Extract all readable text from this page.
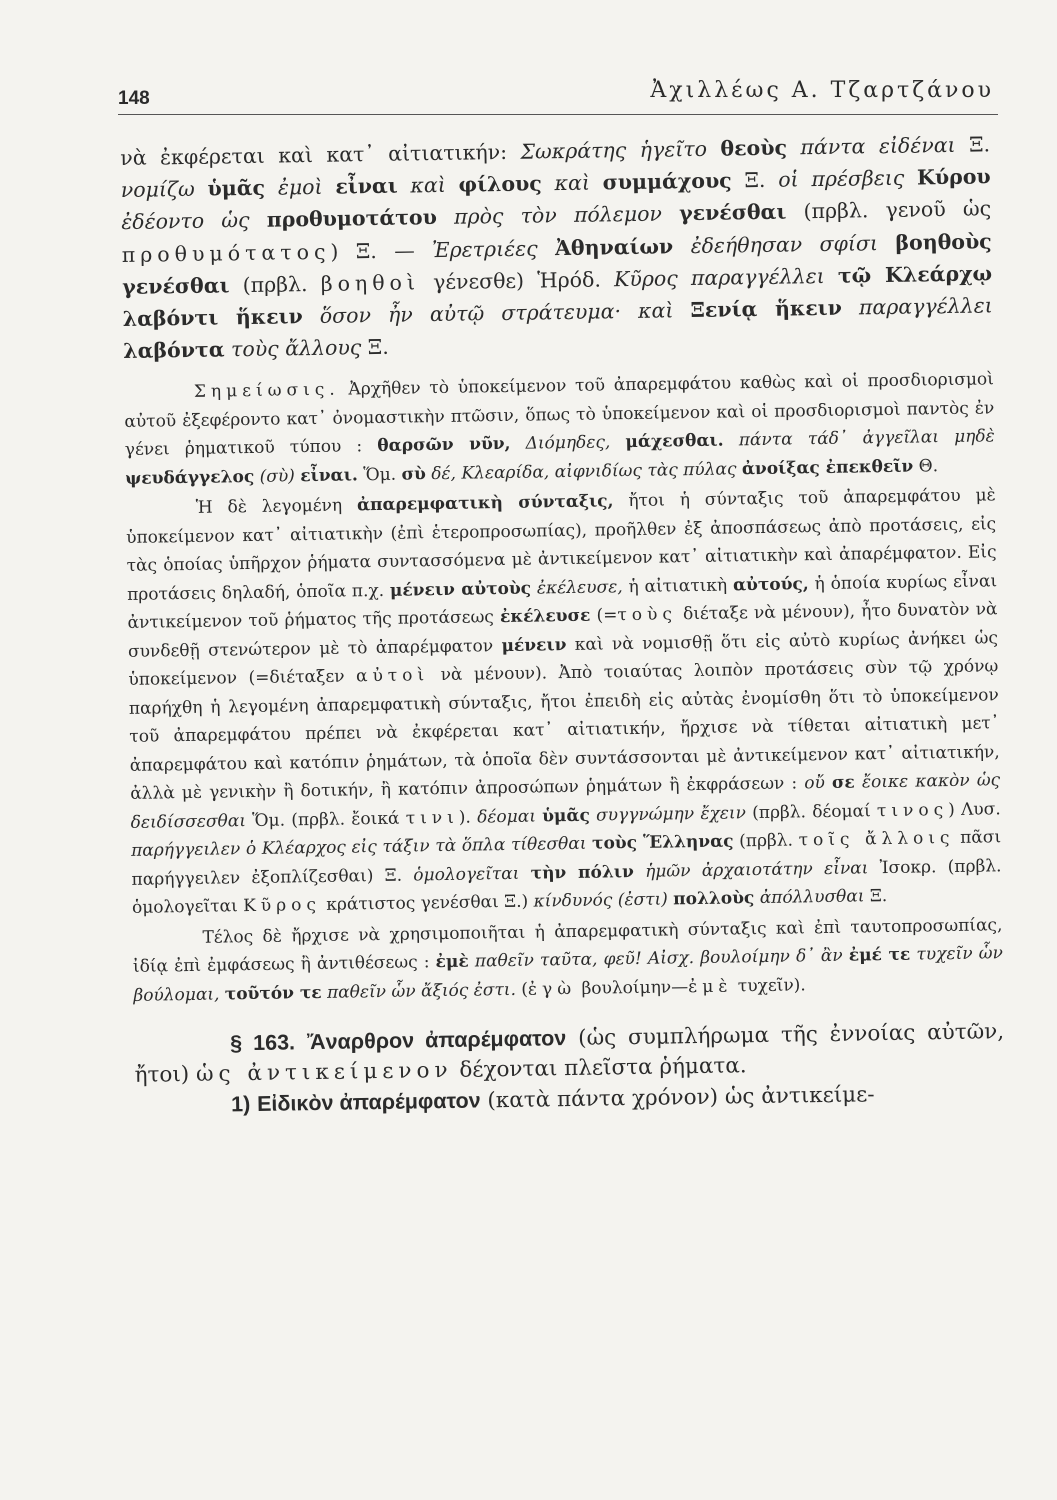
148	Ἀχιλλέως Α. Τζαρτζάνου

νὰ ἐκφέρεται καὶ κατ᾽ αἰτιατικήν: Σωκράτης ἡγεῖτο θεοὺς πάντα εἰδέναι Ξ. νομίζω ὑμᾶς ἐμοὶ εἶναι καὶ φίλους καὶ συμμάχους Ξ. οἱ πρέσβεις Κύρου ἐδέοντο ὡς προθυμοτάτου πρὸς τὸν πόλεμον γενέσθαι (πρβλ. γενοῦ ὡς προθυμότατος) Ξ. — Ἐρετριέες Ἀθηναίων ἐδεήθησαν σφίσι βοηθοὺς γενέσθαι (πρβλ. βοηθοὶ γένεσθε) Ἡρόδ. Κῦρος παραγγέλλει τῷ Κλεάρχῳ λαβόντι ἥκειν ὅσον ἦν αὐτῷ στράτευμα· καὶ Ξενίᾳ ἥκειν παραγγέλλει λαβόντα τοὺς ἄλλους Ξ.

Σημείωσις. Ἀρχῆθεν τὸ ὑποκείμενον τοῦ ἀπαρεμφάτου καθὼς καὶ οἱ προσδιορισμοὶ αὐτοῦ ἐξεφέροντο κατ᾽ ὀνομαστικὴν πτῶσιν, ὅπως τὸ ὑποκείμενον καὶ οἱ προσδιορισμοὶ παντὸς ἐν γένει ῥηματικοῦ τύπου : θαρσῶν νῦν, Διόμηδες, μάχεσθαι. πάντα τάδ᾽ ἀγγεῖλαι μηδὲ ψευδάγγελος (σὺ) εἶναι. Ὅμ. σὺ δέ, Κλεαρίδα, αἰφνιδίως τὰς πύλας ἀνοίξας ἐπεκθεῖν Θ.

Ἡ δὲ λεγομένη ἀπαρεμφατικὴ σύνταξις, ἤτοι ἡ σύνταξις τοῦ ἀπαρεμφάτου μὲ ὑποκείμενον κατ᾽ αἰτιατικὴν (ἐπὶ ἑτεροπροσωπίας), προῆλθεν ἐξ ἀποσπάσεως ἀπὸ προτάσεις, εἰς τὰς ὁποίας ὑπῆρχον ῥήματα συντασσόμενα μὲ ἀντικείμενον κατ᾽ αἰτιατικὴν καὶ ἀπαρέμφατον. Εἰς προτάσεις δηλαδή, ὁποῖα π.χ. μένειν αὐτοὺς ἐκέλευσε, ἡ αἰτιατικὴ αὐτούς, ἡ ὁποία κυρίως εἶναι ἀντικείμενον τοῦ ῥήματος τῆς προτάσεως ἐκέλευσε (=τοὺς διέταξε νὰ μένουν), ἦτο δυνατὸν νὰ συνδεθῇ στενώτερον μὲ τὸ ἀπαρέμφατον μένειν καὶ νὰ νομισθῇ ὅτι εἰς αὐτὸ κυρίως ἀνήκει ὡς ὑποκείμενον (=διέταξεν αὐτοὶ νὰ μένουν). Ἀπὸ τοιαύτας λοιπὸν προτάσεις σὺν τῷ χρόνῳ παρήχθη ἡ λεγομένη ἀπαρεμφατικὴ σύνταξις, ἤτοι ἐπειδὴ εἰς αὐτὰς ἐνομίσθη ὅτι τὸ ὑποκείμενον τοῦ ἀπαρεμφάτου πρέπει νὰ ἐκφέρεται κατ᾽ αἰτιατικήν, ἤρχισε νὰ τίθεται αἰτιατικὴ μετ᾽ ἀπαρεμφάτου καὶ κατόπιν ῥημάτων, τὰ ὁποῖα δὲν συντάσσονται μὲ ἀντικείμενον κατ᾽ αἰτιατικήν, ἀλλὰ μὲ γενικὴν ἢ δοτικήν, ἢ κατόπιν ἀπροσώπων ῥημάτων ἢ ἐκφράσεων : οὔ σε ἔοικε κακὸν ὡς δειδίσσεσθαι Ὅμ. (πρβλ. ἔοικά τινι). δέομαι ὑμᾶς συγγνώμην ἔχειν (πρβλ. δέομαί τινος) Λυσ. παρήγγειλεν ὁ Κλέαρχος εἰς τάξιν τὰ ὅπλα τίθεσθαι τοὺς Ἕλληνας (πρβλ. τοῖς ἄλλοις πᾶσι παρήγγειλεν ἐξοπλίζεσθαι) Ξ. ὁμολογεῖται τὴν πόλιν ἡμῶν ἀρχαιοτάτην εἶναι Ἰσοκρ. (πρβλ. ὁμολογεῖται Κῦρος κράτιστος γενέσθαι Ξ.) κίνδυνός (ἐστι) πολλοὺς ἀπόλλυσθαι Ξ.

Τέλος δὲ ἤρχισε νὰ χρησιμοποιῆται ἡ ἀπαρεμφατικὴ σύνταξις καὶ ἐπὶ ταυτοπροσωπίας, ἰδίᾳ ἐπὶ ἐμφάσεως ἢ ἀντιθέσεως : ἐμὲ παθεῖν ταῦτα, φεῦ! Αἰσχ. βουλοίμην δ᾽ ἂν ἐμέ τε τυχεῖν ὧν βούλομαι, τοῦτόν τε παθεῖν ὧν ἄξιός ἐστι. (ἐγὼ βουλοίμην—ἐμὲ τυχεῖν).

§ 163. Ἄναρθρον ἀπαρέμφατον (ὡς συμπλήρωμα τῆς ἐννοίας αὐτῶν, ἤτοι) ὡς ἀντικείμενον δέχονται πλεῖστα ῥήματα.

1) Εἰδικὸν ἀπαρέμφατον (κατὰ πάντα χρόνον) ὡς ἀντικείμε-
